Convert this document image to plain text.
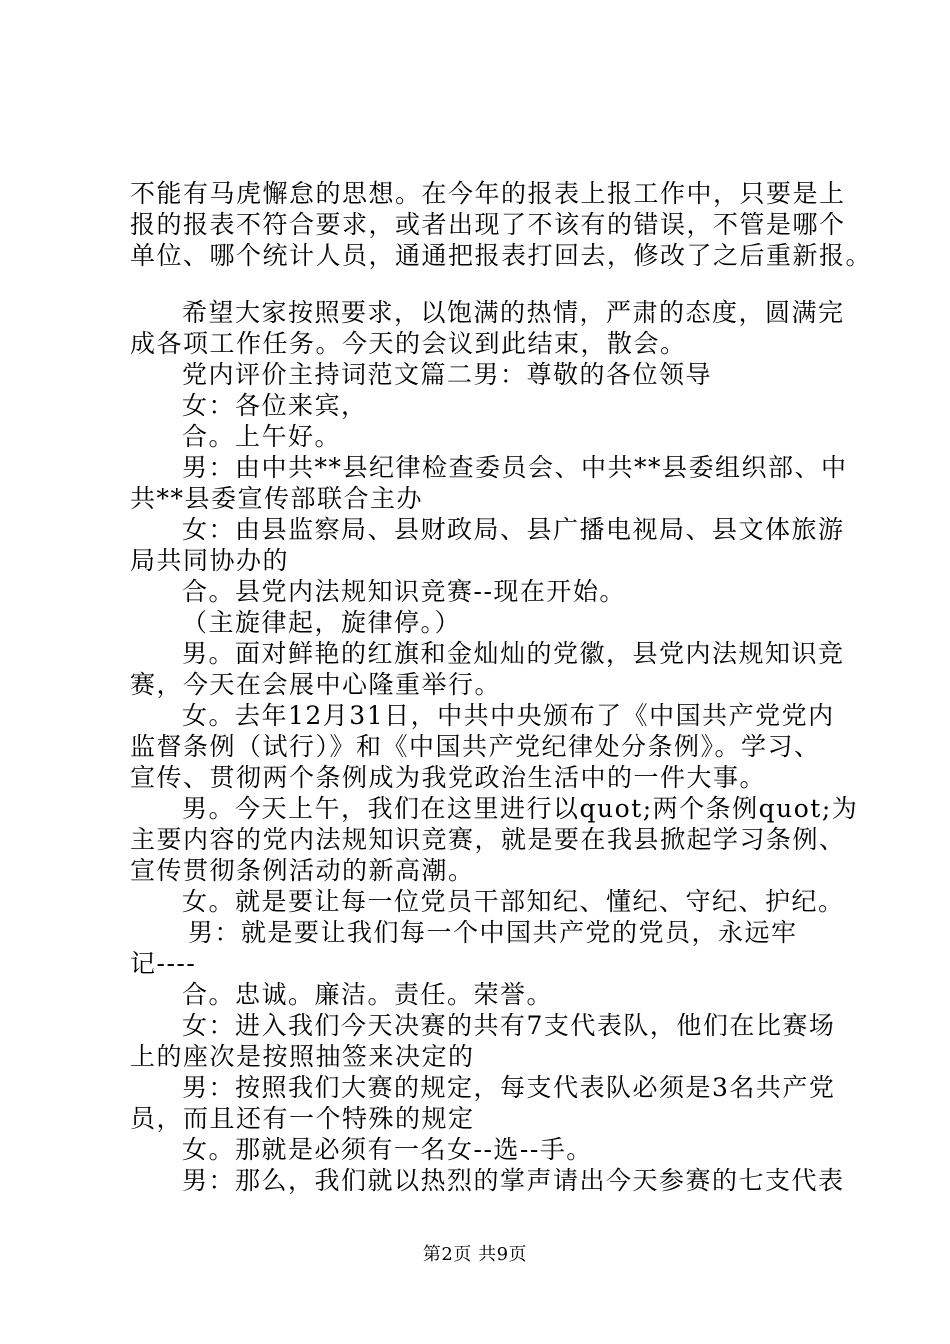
不能有马虎懈怠的思想。在今年的报表上报工作中，只要是上
报的报表不符合要求，或者出现了不该有的错误，不管是哪个
单位、哪个统计人员，通通把报表打回去，修改了之后重新报。
希望大家按照要求，以饱满的热情，严肃的态度，圆满完
成各项工作任务。今天的会议到此结束，散会。
党内评价主持词范文篇二男：尊敬的各位领导
女：各位来宾，
合。上午好。
男：由中共**县纪律检查委员会、中共**县委组织部、中
共**县委宣传部联合主办
女：由县监察局、县财政局、县广播电视局、县文体旅游
局共同协办的
合。县党内法规知识竞赛--现在开始。
（主旋律起，旋律停。）
男。面对鲜艳的红旗和金灿灿的党徽，县党内法规知识竞
赛，今天在会展中心隆重举行。
女。去年12月31日，中共中央颁布了《中国共产党党内
监督条例（试行）》和《中国共产党纪律处分条例》。学习、
宣传、贯彻两个条例成为我党政治生活中的一件大事。
男。今天上午，我们在这里进行以quot;两个条例quot;为
主要内容的党内法规知识竞赛，就是要在我县掀起学习条例、
宣传贯彻条例活动的新高潮。
女。就是要让每一位党员干部知纪、懂纪、守纪、护纪。
男：就是要让我们每一个中国共产党的党员，永远牢
记----
合。忠诚。廉洁。责任。荣誉。
女：进入我们今天决赛的共有7支代表队，他们在比赛场
上的座次是按照抽签来决定的
男：按照我们大赛的规定，每支代表队必须是3名共产党
员，而且还有一个特殊的规定
女。那就是必须有一名女--选--手。
男：那么，我们就以热烈的掌声请出今天参赛的七支代表
第2页 共9页
